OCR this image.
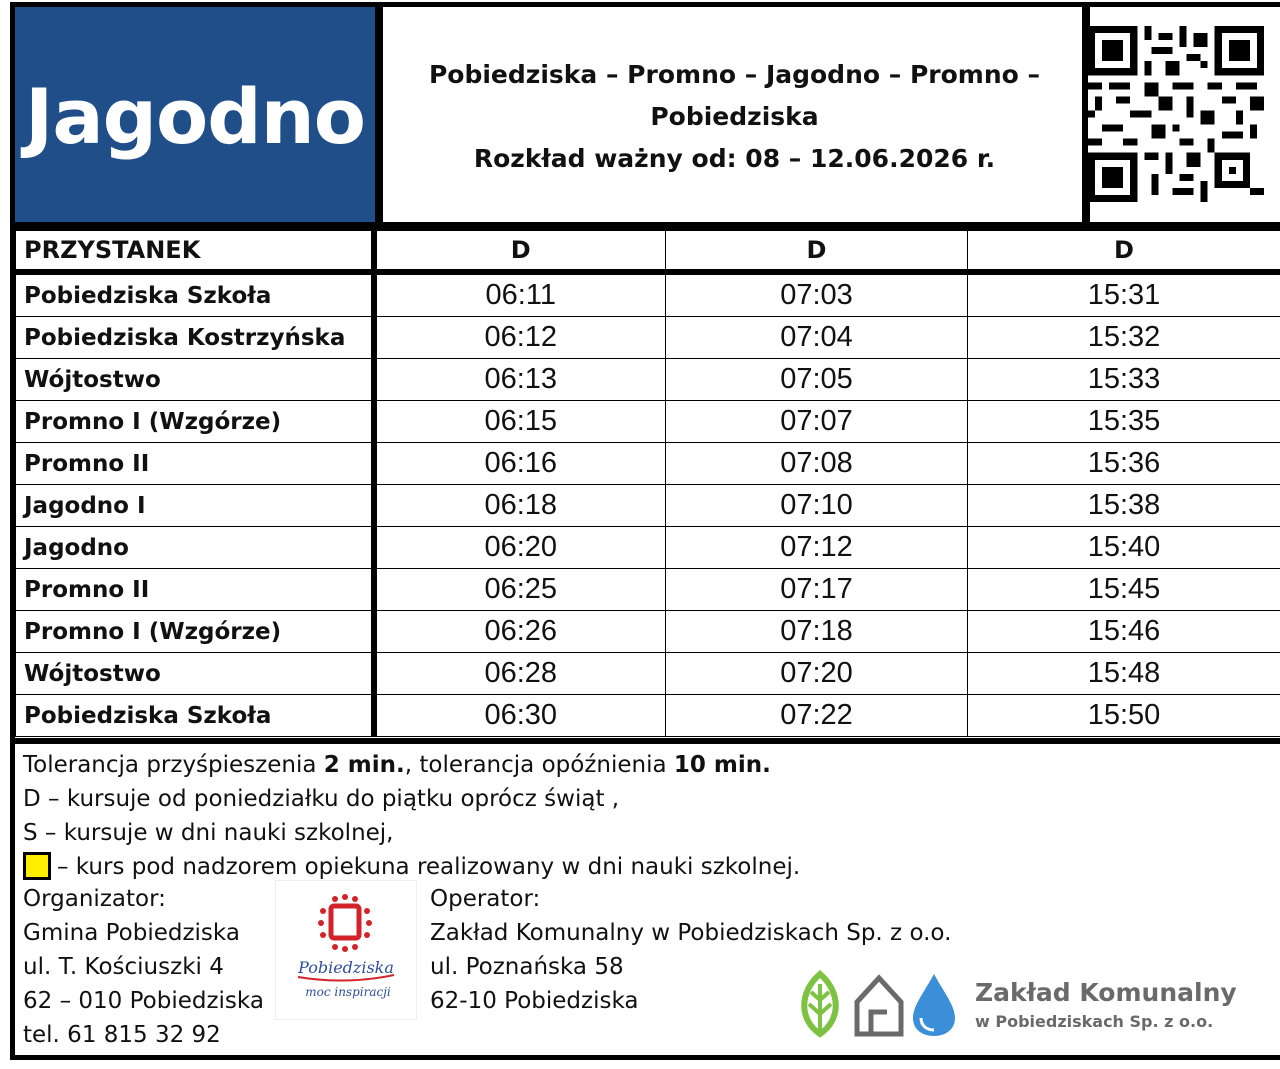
Jagodno	Pobiedziska – Promno – Jagodno – Promno –
Pobiedziska
Rozkład ważny od: 08 – 12.06.2026 r.
PRZYSTANEK	D	D	D
Pobiedziska Szkoła	06:11	07:03	15:31
Pobiedziska Kostrzyńska	06:12	07:04	15:32
Wójtostwo	06:13	07:05	15:33
Promno I (Wzgórze)	06:15	07:07	15:35
Promno II	06:16	07:08	15:36
Jagodno I	06:18	07:10	15:38
Jagodno	06:20	07:12	15:40
Promno II	06:25	07:17	15:45
Promno I (Wzgórze)	06:26	07:18	15:46
Wójtostwo	06:28	07:20	15:48
Pobiedziska Szkoła	06:30	07:22	15:50
Tolerancja przyśpieszenia 2 min., tolerancja opóźnienia 10 min.
D – kursuje od poniedziałku do piątku oprócz świąt ,
S – kursuje w dni nauki szkolnej,
– kurs pod nadzorem opiekuna realizowany w dni nauki szkolnej.
Organizator:
Gmina Pobiedziska
ul. T. Kościuszki 4
62 – 010 Pobiedziska
tel. 61 815 32 92
Pobiedziska
moc inspiracji
Operator:
Zakład Komunalny w Pobiedziskach Sp. z o.o.
ul. Poznańska 58
62-10 Pobiedziska	Zakład Komunalny
w Pobiedziskach Sp. z o.o.
